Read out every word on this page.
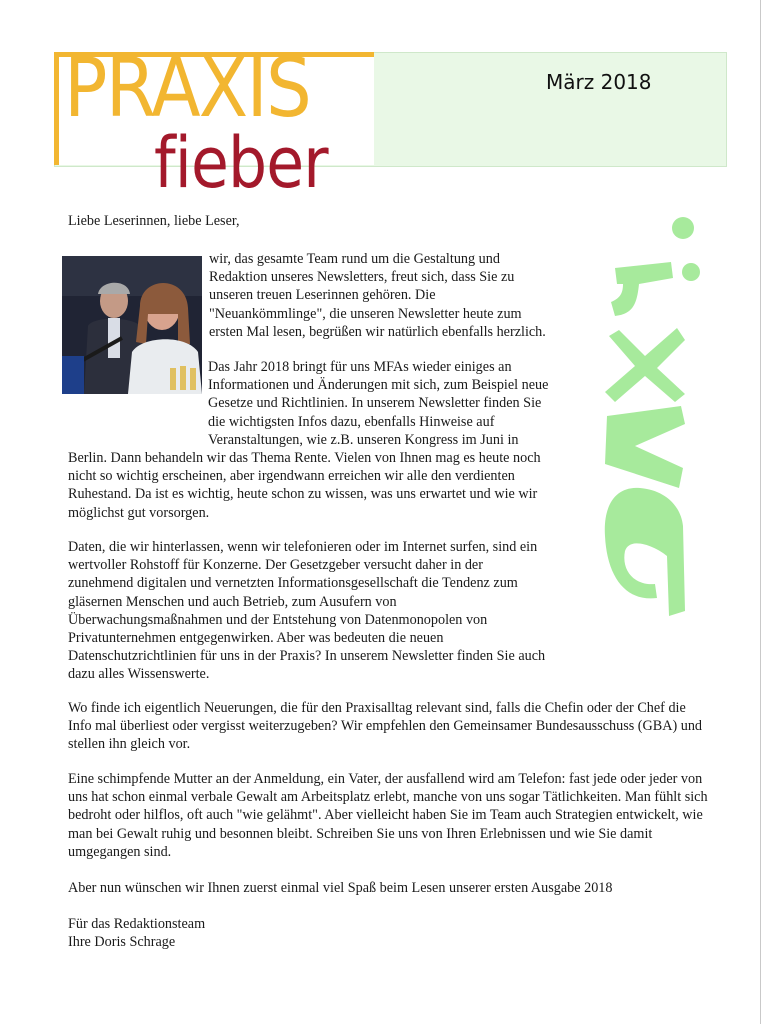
PRAXIS
fieber
März 2018
Liebe Leserinnen, liebe Leser,

wir, das gesamte Team rund um die Gestaltung und Redaktion unseres Newsletters, freut sich, dass Sie zu unseren treuen Leserinnen gehören. Die "Neuankömmlinge", die unseren Newsletter heute zum ersten Mal lesen, begrüßen wir natürlich ebenfalls herzlich.

Das Jahr 2018 bringt für uns MFAs wieder einiges an Informationen und Änderungen mit sich, zum Beispiel neue Gesetze und Richtlinien. In unserem Newsletter finden Sie die wichtigsten Infos dazu, ebenfalls Hinweise auf Veranstaltungen, wie z.B. unseren Kongress im Juni in Berlin. Dann behandeln wir das Thema Rente. Vielen von Ihnen mag es heute noch nicht so wichtig erscheinen, aber irgendwann erreichen wir alle den verdienten Ruhestand. Da ist es wichtig, heute schon zu wissen, was uns erwartet und wie wir möglichst gut vorsorgen.

Daten, die wir hinterlassen, wenn wir telefonieren oder im Internet surfen, sind ein wertvoller Rohstoff für Konzerne. Der Gesetzgeber versucht daher in der zunehmend digitalen und vernetzten Informationsgesellschaft die Tendenz zum gläsernen Menschen und auch Betrieb, zum Ausufern von Überwachungsmaßnahmen und der Entstehung von Datenmonopolen von Privatunternehmen entgegenwirken. Aber was bedeuten die neuen Datenschutzrichtlinien für uns in der Praxis? In unserem Newsletter finden Sie auch dazu alles Wissenswerte.

Wo finde ich eigentlich Neuerungen, die für den Praxisalltag relevant sind, falls die Chefin oder der Chef die Info mal überliest oder vergisst weiterzugeben? Wir empfehlen den Gemeinsamer Bundesausschuss (GBA) und stellen ihn gleich vor.

Eine schimpfende Mutter an der Anmeldung, ein Vater, der ausfallend wird am Telefon: fast jede oder jeder von uns hat schon einmal verbale Gewalt am Arbeitsplatz erlebt, manche von uns sogar Tätlichkeiten. Man fühlt sich bedroht oder hilflos, oft auch "wie gelähmt". Aber vielleicht haben Sie im Team auch Strategien entwickelt, wie man bei Gewalt ruhig und besonnen bleibt. Schreiben Sie uns von Ihren Erlebnissen und wie Sie damit umgegangen sind.

Aber nun wünschen wir Ihnen zuerst einmal viel Spaß beim Lesen unserer ersten Ausgabe 2018

Für das Redaktionsteam
Ihre Doris Schrage
